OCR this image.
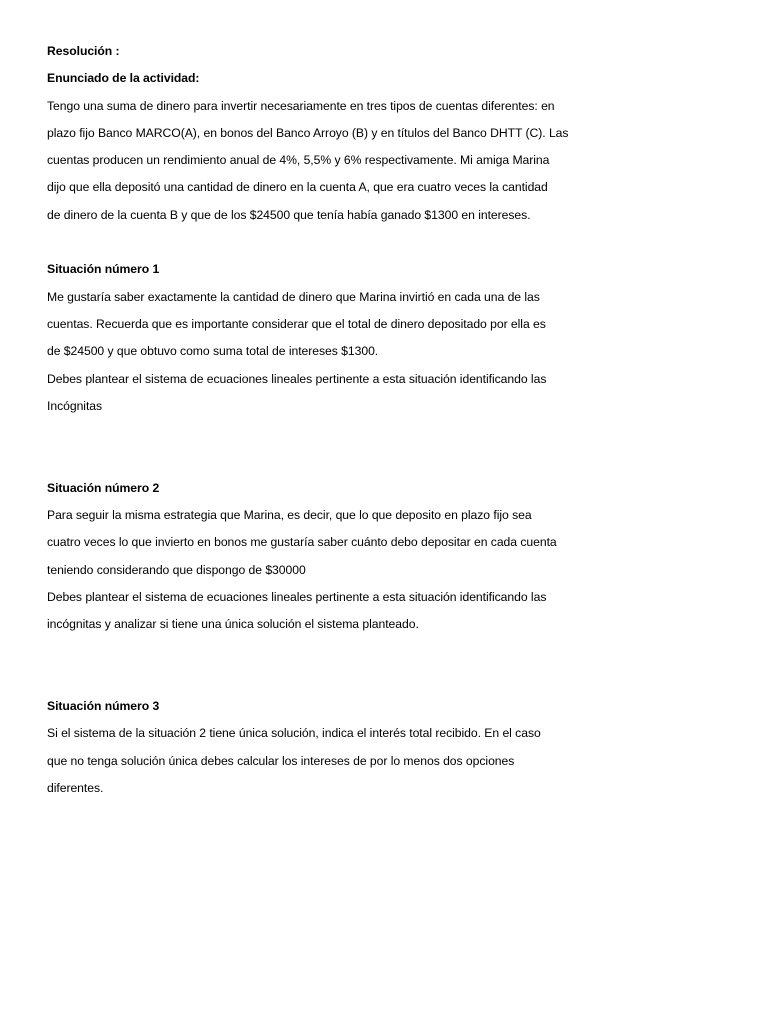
Resolución :
Enunciado de la actividad:
Tengo una suma de dinero para invertir necesariamente en tres tipos de cuentas diferentes: en
plazo fijo Banco MARCO(A), en bonos del Banco Arroyo (B) y en títulos del Banco DHTT (C). Las
cuentas producen un rendimiento anual de 4%, 5,5% y 6% respectivamente. Mi amiga Marina
dijo que ella depositó una cantidad de dinero en la cuenta A, que era cuatro veces la cantidad
de dinero de la cuenta B y que de los $24500 que tenía había ganado $1300 en intereses.
Situación número 1
Me gustaría saber exactamente la cantidad de dinero que Marina invirtió en cada una de las
cuentas. Recuerda que es importante considerar que el total de dinero depositado por ella es
de $24500 y que obtuvo como suma total de intereses $1300.
Debes plantear el sistema de ecuaciones lineales pertinente a esta situación identificando las
Incógnitas
Situación número 2
Para seguir la misma estrategia que Marina, es decir, que lo que deposito en plazo fijo sea
cuatro veces lo que invierto en bonos me gustaría saber cuánto debo depositar en cada cuenta
teniendo considerando que dispongo de $30000
Debes plantear el sistema de ecuaciones lineales pertinente a esta situación identificando las
incógnitas y analizar si tiene una única solución el sistema planteado.
Situación número 3
Si el sistema de la situación 2 tiene única solución, indica el interés total recibido. En el caso
que no tenga solución única debes calcular los intereses de por lo menos dos opciones
diferentes.
